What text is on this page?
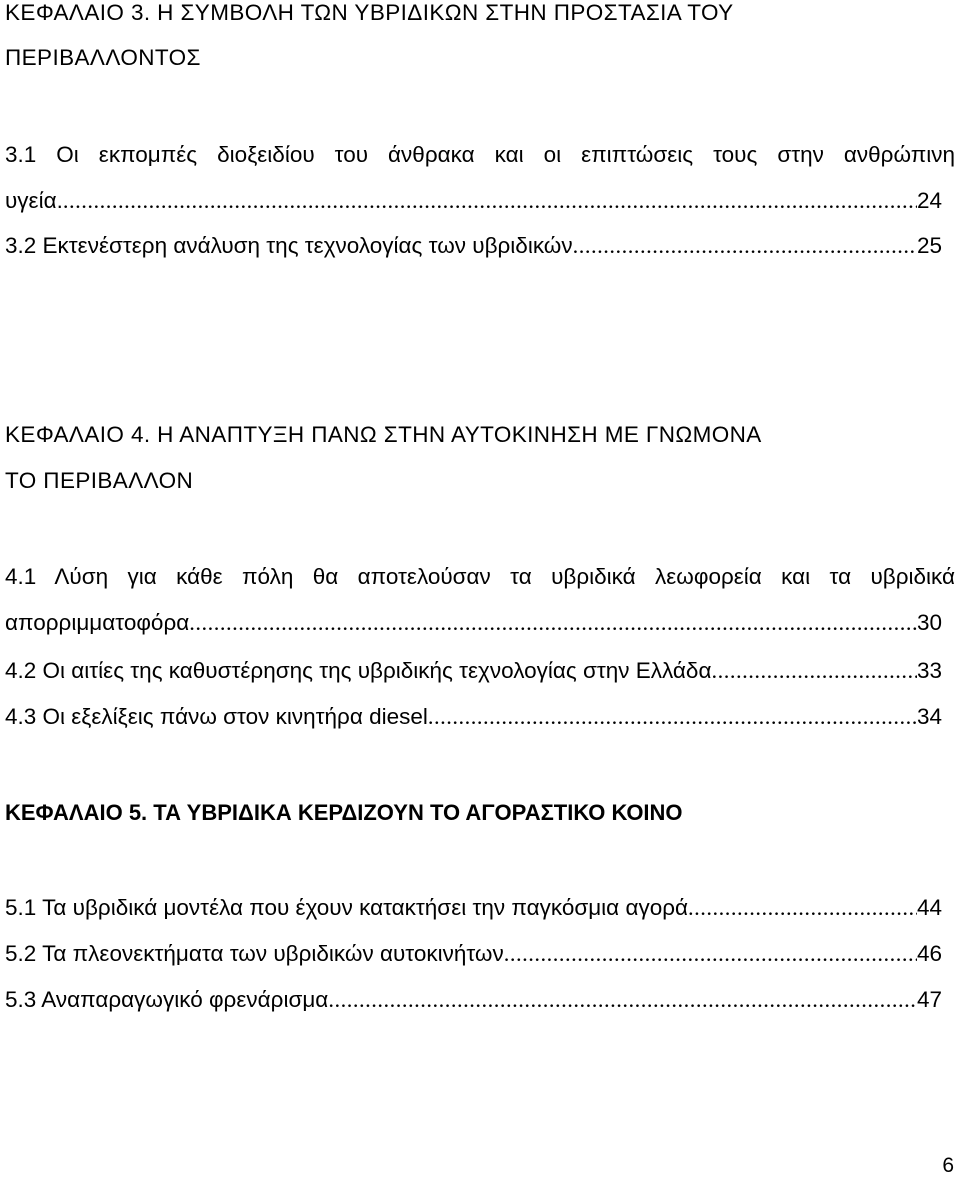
ΚΕΦΑΛΑΙΟ 3. Η ΣΥΜΒΟΛΗ ΤΩΝ ΥΒΡΙΔΙΚΩΝ ΣΤΗΝ ΠΡΟΣΤΑΣΙΑ ΤΟΥ
ΠΕΡΙΒΑΛΛΟΝΤΟΣ
3.1 Οι εκπομπές διοξειδίου του άνθρακα και οι επιπτώσεις τους στην ανθρώπινη
υγεία. .....	24
3.2 Εκτενέστερη ανάλυση της τεχνολογίας των υβριδικών .....	25
ΚΕΦΑΛΑΙΟ 4. Η ΑΝΑΠΤΥΞΗ ΠΑΝΩ ΣΤΗΝ ΑΥΤΟΚΙΝΗΣΗ ΜΕ ΓΝΩΜΟΝΑ
ΤΟ ΠΕΡΙΒΑΛΛΟΝ
4.1 Λύση για κάθε πόλη θα αποτελούσαν τα υβριδικά λεωφορεία και τα υβριδικά
απορριμματοφόρα .....	30
4.2 Οι αιτίες της καθυστέρησης της υβριδικής τεχνολογίας στην Ελλάδα .....	33
4.3 Οι εξελίξεις πάνω στον κινητήρα diesel .....	34
ΚΕΦΑΛΑΙΟ 5. ΤΑ ΥΒΡΙΔΙΚΑ ΚΕΡΔΙΖΟΥΝ ΤΟ ΑΓΟΡΑΣΤΙΚΟ ΚΟΙΝΟ
5.1 Τα υβριδικά μοντέλα που έχουν κατακτήσει την παγκόσμια αγορά .....	44
5.2 Τα πλεονεκτήματα των υβριδικών αυτοκινήτων .....	46
5.3 Αναπαραγωγικό φρενάρισμα .....	47
6
